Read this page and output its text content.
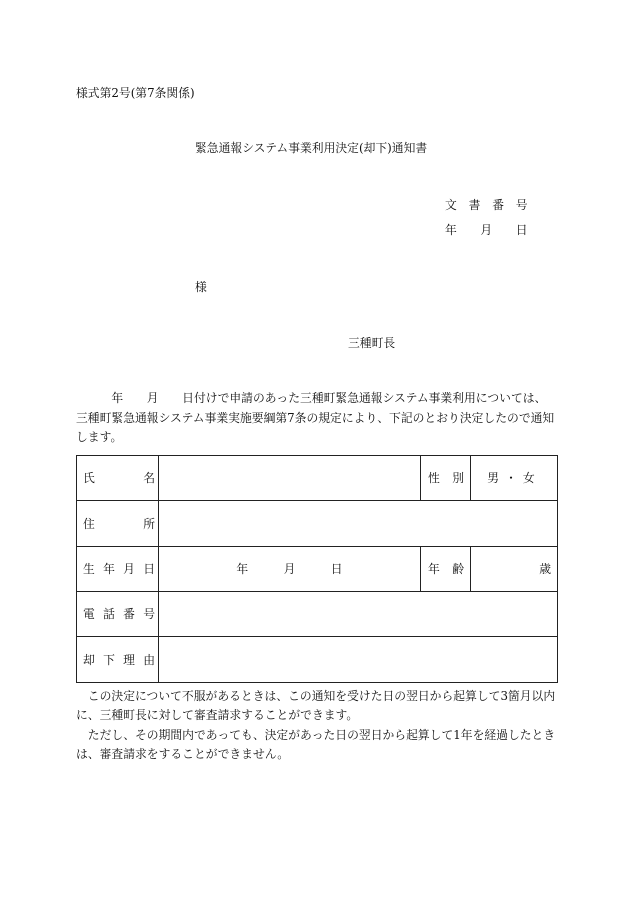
様式第2号(第7条関係)
緊急通報システム事業利用決定(却下)通知書
文　書　番　号
年　　月　　日
様
三種町長
　　　年　　月　　日付けで申請のあった三種町緊急通報システム事業利用については、
三種町緊急通報システム事業実施要綱第7条の規定により、下記のとおり決定したので通知
します。
氏名		性別	男・女

住所			

生年月日	年　　　月　　　日	年齢	歳

電話番号			

却下理由			

　この決定について不服があるときは、この通知を受けた日の翌日から起算して3箇月以内
に、三種町長に対して審査請求することができます。
　ただし、その期間内であっても、決定があった日の翌日から起算して1年を経過したとき
は、審査請求をすることができません。
